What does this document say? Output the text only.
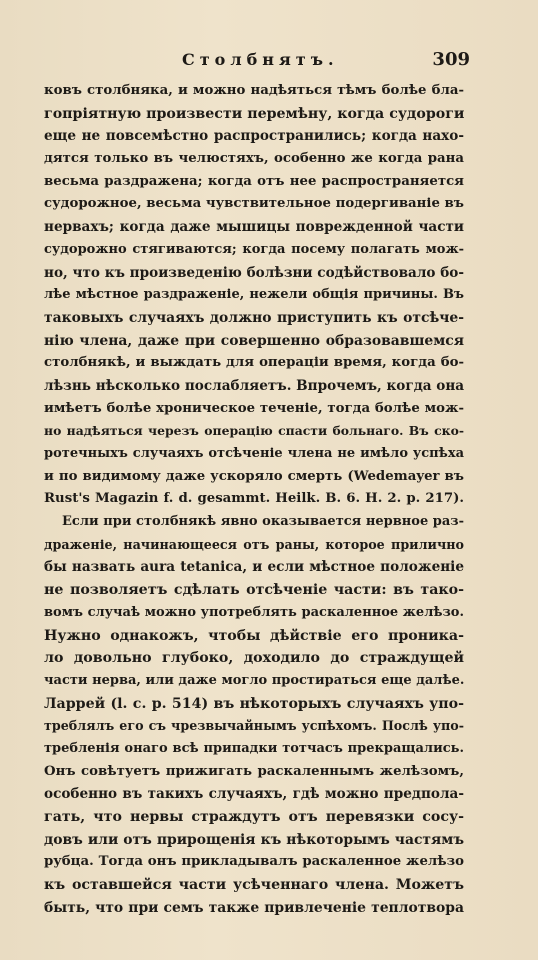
Столбнятъ.	309
ковъ столбняка, и можно надѣяться тѣмъ болѣе бла-
гопріятную произвести перемѣну, когда судороги
еще не повсемѣстно распространились; когда нахо-
дятся только въ челюстяхъ, особенно же когда рана
весьма раздражена; когда отъ нее распространяется
судорожное, весьма чувствительное подергиваніе въ
нервахъ; когда даже мышицы поврежденной части
судорожно стягиваются; когда посему полагать мож-
но, что къ произведенію болѣзни содѣйствовало бо-
лѣе мѣстное раздраженіе, нежели общія причины. Въ
таковыхъ случаяхъ должно приступить къ отсѣче-
нію члена, даже при совершенно образовавшемся
столбнякѣ, и выждать для операціи время, когда бо-
лѣзнь нѣсколько послабляетъ. Впрочемъ, когда она
имѣетъ болѣе хроническое теченіе, тогда болѣе мож-
но надѣяться черезъ операцію спасти больнаго. Въ ско-
ротечныхъ случаяхъ отсѣченіе члена не имѣло успѣха
и по видимому даже ускоряло смерть (Wedemayer въ
Rust's Magazin f. d. gesammt. Heilk. B. 6. H. 2. p. 217).
Если при столбнякѣ явно оказывается нервное раз-
драженіе, начинающееся отъ раны, которое прилично
бы назвать aura tetanica, и если мѣстное положеніе
не позволяетъ сдѣлать отсѣченіе части: въ тако-
вомъ случаѣ можно употреблять раскаленное желѣзо.
Нужно однакожъ, чтобы дѣйствіе его проника-
ло довольно глубоко, доходило до страждущей
части нерва, или даже могло простираться еще далѣе.
Ларрей (l. c. p. 514) въ нѣкоторыхъ случаяхъ упо-
треблялъ его съ чрезвычайнымъ успѣхомъ. Послѣ упо-
требленія онаго всѣ припадки тотчасъ прекращались.
Онъ совѣтуетъ прижигать раскаленнымъ желѣзомъ,
особенно въ такихъ случаяхъ, гдѣ можно предпола-
гать, что нервы страждутъ отъ перевязки сосу-
довъ или отъ прирощенія къ нѣкоторымъ частямъ
рубца. Тогда онъ прикладывалъ раскаленное желѣзо
къ оставшейся части усѣченнаго члена. Можетъ
быть, что при семъ также привлеченіе теплотвора
